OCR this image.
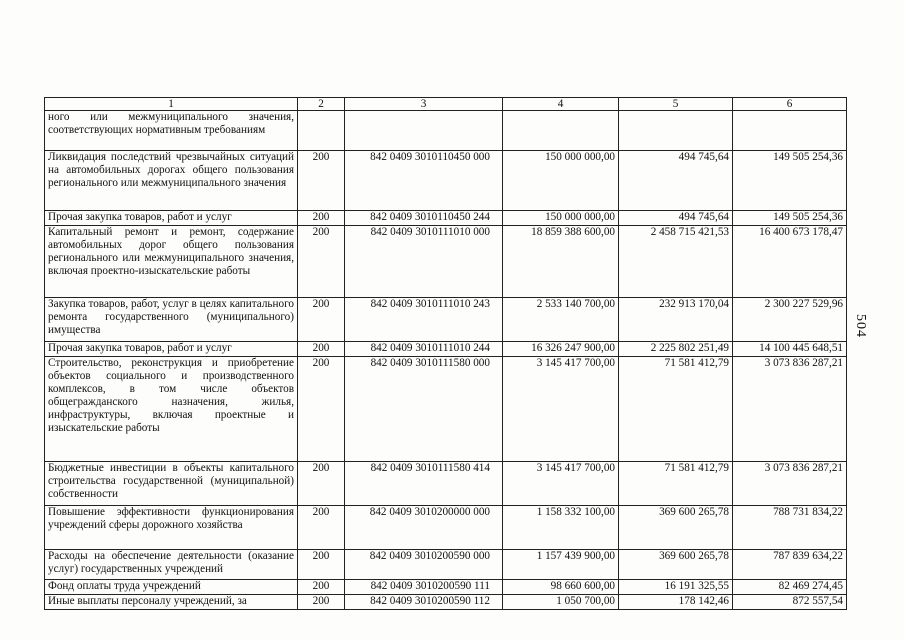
1	2	3	4	5	6
ного или межмуниципального значения, соответствующих нормативным требованиям					
Ликвидация последствий чрезвычайных ситуаций на автомобильных дорогах общего пользования регионального или межмуниципального значения	200	842 0409 3010110450 000	150 000 000,00	494 745,64	149 505 254,36
Прочая закупка товаров, работ и услуг	200	842 0409 3010110450 244	150 000 000,00	494 745,64	149 505 254,36
Капитальный ремонт и ремонт, содержание автомобильных дорог общего пользования регионального или межмуниципального значения, включая проектно-изыскательские работы	200	842 0409 3010111010 000	18 859 388 600,00	2 458 715 421,53	16 400 673 178,47
Закупка товаров, работ, услуг в целях капитального ремонта государственного (муниципального) имущества	200	842 0409 3010111010 243	2 533 140 700,00	232 913 170,04	2 300 227 529,96
Прочая закупка товаров, работ и услуг	200	842 0409 3010111010 244	16 326 247 900,00	2 225 802 251,49	14 100 445 648,51
Строительство, реконструкция и приобретение объектов социального и производственного комплексов, в том числе объектов общегражданского назначения, жилья, инфраструктуры, включая проектные и изыскательские работы	200	842 0409 3010111580 000	3 145 417 700,00	71 581 412,79	3 073 836 287,21
Бюджетные инвестиции в объекты капитального строительства государственной (муниципальной) собственности	200	842 0409 3010111580 414	3 145 417 700,00	71 581 412,79	3 073 836 287,21
Повышение эффективности функционирования учреждений сферы дорожного хозяйства	200	842 0409 3010200000 000	1 158 332 100,00	369 600 265,78	788 731 834,22
Расходы на обеспечение деятельности (оказание услуг) государственных учреждений	200	842 0409 3010200590 000	1 157 439 900,00	369 600 265,78	787 839 634,22
Фонд оплаты труда учреждений	200	842 0409 3010200590 111	98 660 600,00	16 191 325,55	82 469 274,45
Иные выплаты персоналу учреждений, за	200	842 0409 3010200590 112	1 050 700,00	178 142,46	872 557,54
504
